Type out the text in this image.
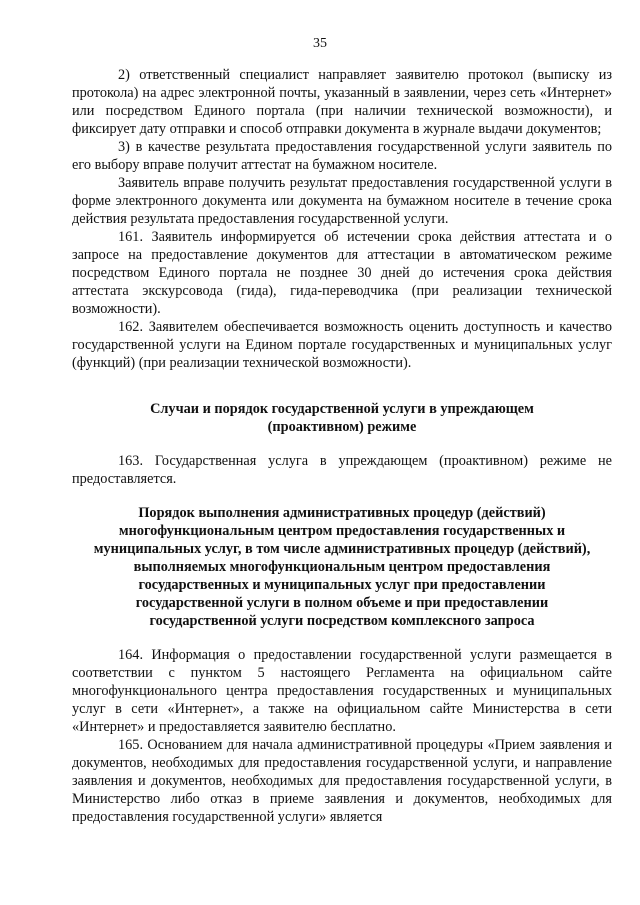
35

2) ответственный специалист направляет заявителю протокол (выписку из протокола) на адрес электронной почты, указанный в заявлении, через сеть «Интернет» или посредством Единого портала (при наличии технической возможности), и фиксирует дату отправки и способ отправки документа в журнале выдачи документов;

3) в качестве результата предоставления государственной услуги заявитель по его выбору вправе получит аттестат на бумажном носителе.

Заявитель вправе получить результат предоставления государственной услуги в форме электронного документа или документа на бумажном носителе в течение срока действия результата предоставления государственной услуги.

161. Заявитель информируется об истечении срока действия аттестата и о запросе на предоставление документов для аттестации в автоматическом режиме посредством Единого портала не позднее 30 дней до истечения срока действия аттестата экскурсовода (гида), гида-переводчика (при реализации технической возможности).

162. Заявителем обеспечивается возможность оценить доступность и качество государственной услуги на Едином портале государственных и муниципальных услуг (функций) (при реализации технической возможности).

Случаи и порядок государственной услуги в упреждающем
(проактивном) режиме

163. Государственная услуга в упреждающем (проактивном) режиме не предоставляется.

Порядок выполнения административных процедур (действий)
многофункциональным центром предоставления государственных и
муниципальных услуг, в том числе административных процедур (действий),
выполняемых многофункциональным центром предоставления
государственных и муниципальных услуг при предоставлении
государственной услуги в полном объеме и при предоставлении
государственной услуги посредством комплексного запроса

164. Информация о предоставлении государственной услуги размещается в соответствии с пунктом 5 настоящего Регламента на официальном сайте многофункционального центра предоставления государственных и муниципальных услуг в сети «Интернет», а также на официальном сайте Министерства в сети «Интернет» и предоставляется заявителю бесплатно.

165. Основанием для начала административной процедуры «Прием заявления и документов, необходимых для предоставления государственной услуги, и направление заявления и документов, необходимых для предоставления государственной услуги, в Министерство либо отказ в приеме заявления и документов, необходимых для предоставления государственной услуги» является
